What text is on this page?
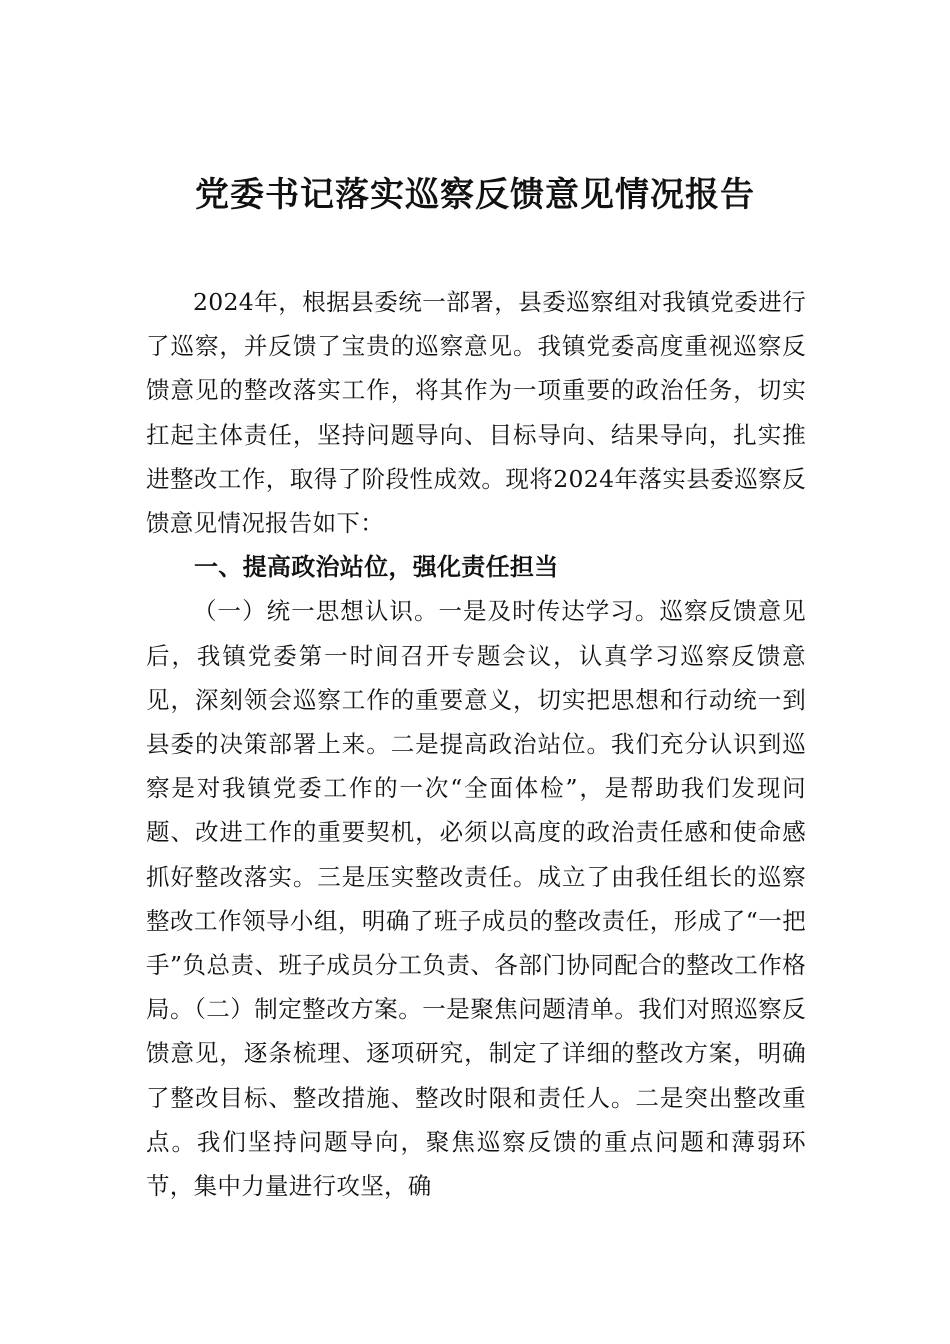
党委书记落实巡察反馈意见情况报告

2024年，根据县委统一部署，县委巡察组对我镇党委进行了巡察，并反馈了宝贵的巡察意见。我镇党委高度重视巡察反馈意见的整改落实工作，将其作为一项重要的政治任务，切实扛起主体责任，坚持问题导向、目标导向、结果导向，扎实推进整改工作，取得了阶段性成效。现将2024年落实县委巡察反馈意见情况报告如下：

一、提高政治站位，强化责任担当

（一）统一思想认识。一是及时传达学习。巡察反馈意见后，我镇党委第一时间召开专题会议，认真学习巡察反馈意见，深刻领会巡察工作的重要意义，切实把思想和行动统一到县委的决策部署上来。二是提高政治站位。我们充分认识到巡察是对我镇党委工作的一次“全面体检”，是帮助我们发现问题、改进工作的重要契机，必须以高度的政治责任感和使命感抓好整改落实。三是压实整改责任。成立了由我任组长的巡察整改工作领导小组，明确了班子成员的整改责任，形成了“一把手”负总责、班子成员分工负责、各部门协同配合的整改工作格局。（二）制定整改方案。一是聚焦问题清单。我们对照巡察反馈意见，逐条梳理、逐项研究，制定了详细的整改方案，明确了整改目标、整改措施、整改时限和责任人。二是突出整改重点。我们坚持问题导向，聚焦巡察反馈的重点问题和薄弱环节，集中力量进行攻坚，确
